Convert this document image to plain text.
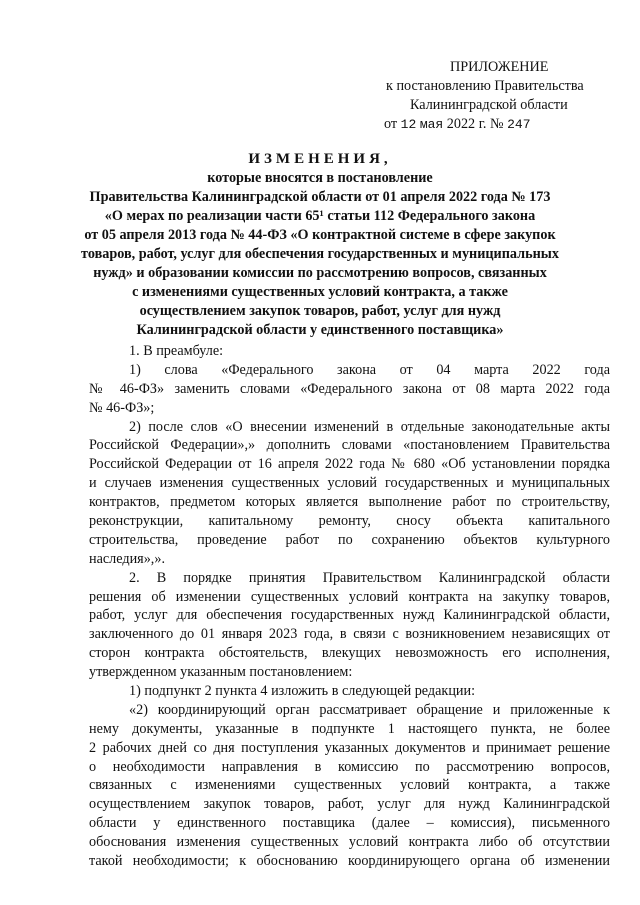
ПРИЛОЖЕНИЕ
к постановлению Правительства
Калининградской области
от 12 мая 2022 г. № 247
ИЗМЕНЕНИЯ,
которые вносятся в постановление
Правительства Калининградской области от 01 апреля 2022 года № 173
«О мерах по реализации части 65¹ статьи 112 Федерального закона
от 05 апреля 2013 года № 44-ФЗ «О контрактной системе в сфере закупок
товаров, работ, услуг для обеспечения государственных и муниципальных
нужд» и образовании комиссии по рассмотрению вопросов, связанных
с изменениями существенных условий контракта, а также
осуществлением закупок товаров, работ, услуг для нужд
Калининградской области у единственного поставщика»
1. В преамбуле:
1) слова «Федерального закона от 04 марта 2022 года
№ 46-ФЗ» заменить словами «Федерального закона от 08 марта 2022 года
№ 46-ФЗ»;
2) после слов «О внесении изменений в отдельные законодательные акты
Российской Федерации»,» дополнить словами «постановлением Правительства
Российской Федерации от 16 апреля 2022 года № 680 «Об установлении порядка
и случаев изменения существенных условий государственных и муниципальных
контрактов, предметом которых является выполнение работ по строительству,
реконструкции, капитальному ремонту, сносу объекта капитального
строительства, проведение работ по сохранению объектов культурного
наследия»,».
2. В порядке принятия Правительством Калининградской области
решения об изменении существенных условий контракта на закупку товаров,
работ, услуг для обеспечения государственных нужд Калининградской области,
заключенного до 01 января 2023 года, в связи с возникновением независящих от
сторон контракта обстоятельств, влекущих невозможность его исполнения,
утвержденном указанным постановлением:
1) подпункт 2 пункта 4 изложить в следующей редакции:
«2) координирующий орган рассматривает обращение и приложенные к
нему документы, указанные в подпункте 1 настоящего пункта, не более
2 рабочих дней со дня поступления указанных документов и принимает решение
о необходимости направления в комиссию по рассмотрению вопросов,
связанных с изменениями существенных условий контракта, а также
осуществлением закупок товаров, работ, услуг для нужд Калининградской
области у единственного поставщика (далее – комиссия), письменного
обоснования изменения существенных условий контракта либо об отсутствии
такой необходимости; к обоснованию координирующего органа об изменении
